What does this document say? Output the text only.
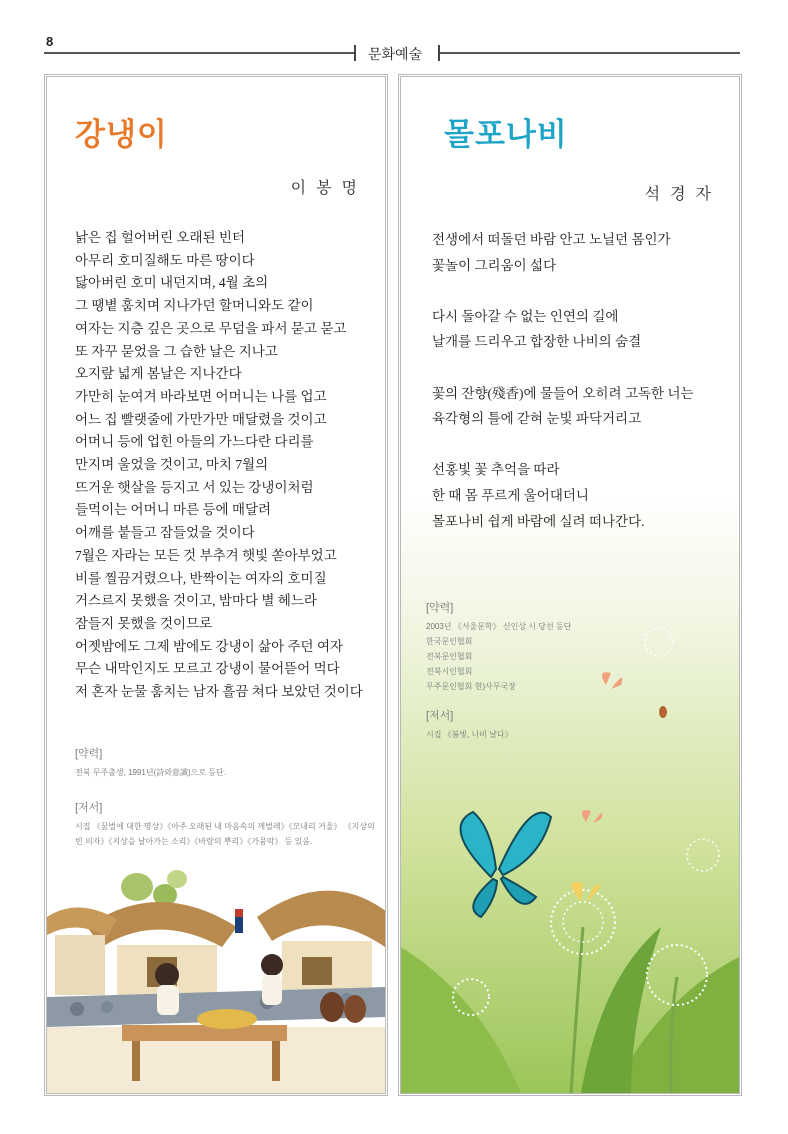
8
문화예술
강냉이
이봉명
낡은 집 헐어버린 오래된 빈터
아무리 호미질해도 마른 땅이다
닳아버린 호미 내던지며, 4월 초의
그 땡볕 훔치며 지나가던 할머니와도 같이
여자는 지층 깊은 곳으로 무덤을 파서 묻고 묻고
또 자꾸 묻었을 그 습한 날은 지나고
오지랖 넓게 봄날은 지나간다
가만히 눈여겨 바라보면 어머니는 나를 업고
어느 집 빨랫줄에 가만가만 매달렸을 것이고
어머니 등에 업힌 아들의 가느다란 다리를
만지며 울었을 것이고, 마치 7월의
뜨거운 햇살을 등지고 서 있는 강냉이처럼
들먹이는 어머니 마른 등에 매달려
어깨를 붙들고 잠들었을 것이다
7월은 자라는 모든 것 부추겨 햇빛 쏟아부었고
비를 찔끔거렸으나, 반짝이는 여자의 호미질
거스르지 못했을 것이고, 밤마다 별 헤느라
잠들지 못했을 것이므로
어젯밤에도 그제 밤에도 강냉이 삶아 주던 여자
무슨 내막인지도 모르고 강냉이 물어뜯어 먹다
저 혼자 눈물 훔치는 남자 흘끔 쳐다 보았던 것이다
[약력]
전북 무주출생, 1991년(詩와意識)으로 등단.
[저서]
시집 《꿈벌에 대한 명상》《아주 오래된 내 마음속의 깨벌레》《모내리 거울》 《지상의 빈 의자》《지상을 날아가는 소리》《바람의 뿌리》《가뭄막》 등 있음.
몰포나비
석경자
전생에서 떠돌던 바람 안고 노닐던 몸인가
꽃놀이 그리움이 섧다
다시 돌아갈 수 없는 인연의 길에
날개를 드리우고 합장한 나비의 숨결
꽃의 잔향(殘香)에 물들어 오히려 고독한 너는
육각형의 틀에 갇혀 눈빛 파닥거리고
선홍빛 꽃 추억을 따라
한 때 몸 푸르게 울어대더니
몰포나비 쉽게 바람에 실려 떠나간다.
[약력]
2003년 《서울문학》 신인상 시 당선 등단
한국문인협회
전북문인협회
전북시인협회
무주문인협회 현)사무국장
[저서]
시집 《봄빛, 나비 날다》
